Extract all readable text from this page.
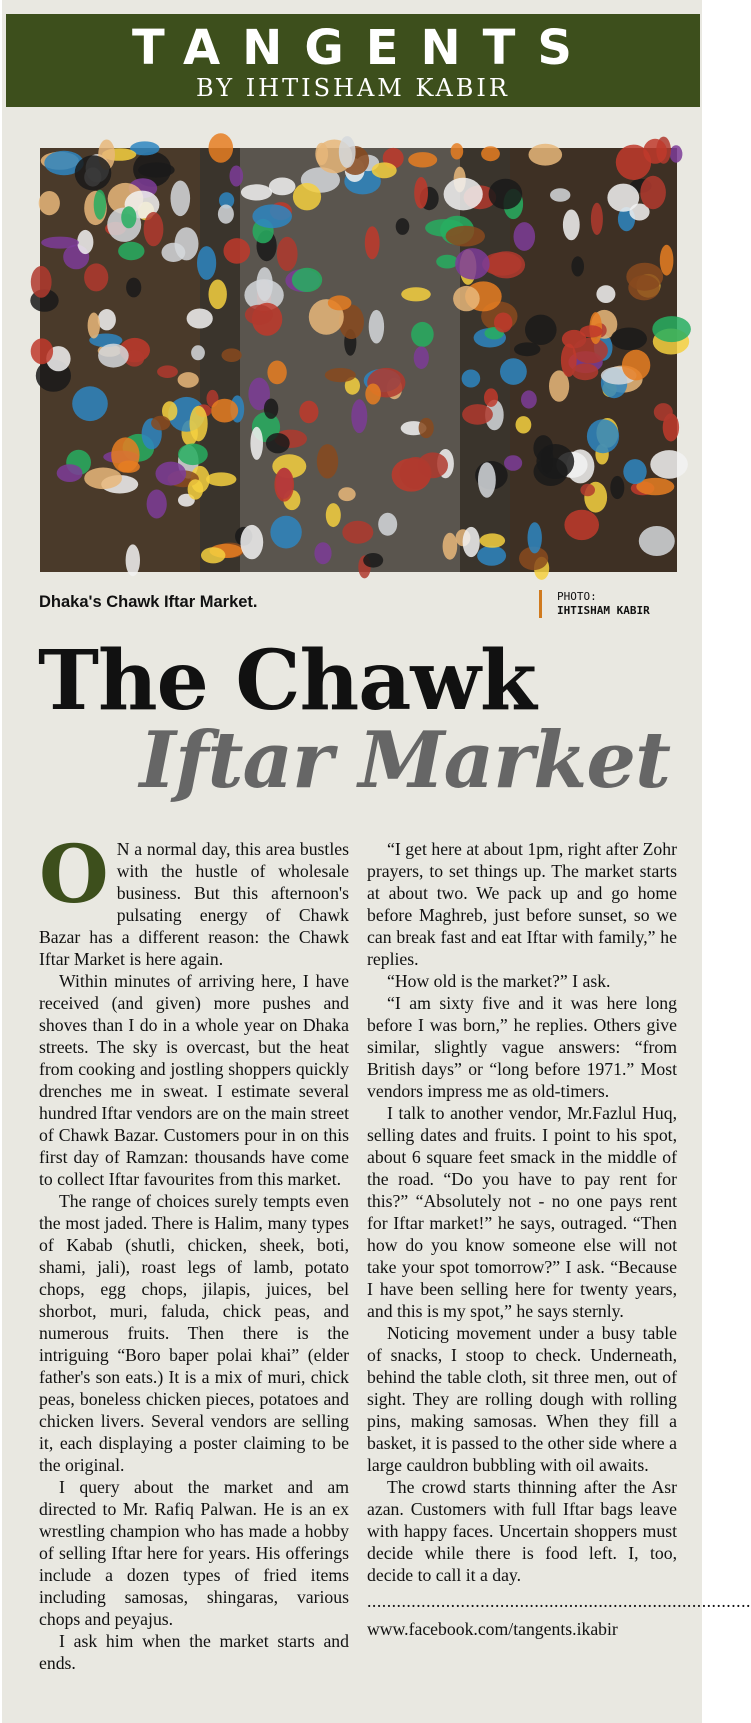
TANGENTS
BY IHTISHAM KABIR
Dhaka's Chawk Iftar Market.	PHOTO:
IHTISHAM KABIR
The Chawk
Iftar Market

O N a normal day, this area bustles with the hustle of wholesale business. But this afternoon's pulsating energy of Chawk Bazar has a different reason: the Chawk Iftar Market is here again.

Within minutes of arriving here, I have received (and given) more pushes and shoves than I do in a whole year on Dhaka streets. The sky is overcast, but the heat from cooking and jostling shoppers quickly drenches me in sweat. I estimate several hundred Iftar vendors are on the main street of Chawk Bazar. Customers pour in on this first day of Ramzan: thousands have come to collect Iftar favourites from this market.

The range of choices surely tempts even the most jaded. There is Halim, many types of Kabab (shutli, chicken, sheek, boti, shami, jali), roast legs of lamb, potato chops, egg chops, jilapis, juices, bel shorbot, muri, faluda, chick peas, and numerous fruits. Then there is the intriguing “Boro baper polai khai” (elder father's son eats.) It is a mix of muri, chick peas, boneless chicken pieces, potatoes and chicken livers. Several vendors are selling it, each displaying a poster claiming to be the original.

I query about the market and am directed to Mr. Rafiq Palwan. He is an ex wrestling champion who has made a hobby of selling Iftar here for years. His offerings include a dozen types of fried items including samosas, shingaras, various chops and peyajus.

I ask him when the market starts and ends.

“I get here at about 1pm, right after Zohr prayers, to set things up. The market starts at about two. We pack up and go home before Maghreb, just before sunset, so we can break fast and eat Iftar with family,” he replies.

“How old is the market?” I ask.

“I am sixty five and it was here long before I was born,” he replies. Others give similar, slightly vague answers: “from British days” or “long before 1971.” Most vendors impress me as old-timers.

I talk to another vendor, Mr.Fazlul Huq, selling dates and fruits. I point to his spot, about 6 square feet smack in the middle of the road. “Do you have to pay rent for this?” “Absolutely not - no one pays rent for Iftar market!” he says, outraged. “Then how do you know someone else will not take your spot tomorrow?” I ask. “Because I have been selling here for twenty years, and this is my spot,” he says sternly.

Noticing movement under a busy table of snacks, I stoop to check. Underneath, behind the table cloth, sit three men, out of sight. They are rolling dough with rolling pins, making samosas. When they fill a basket, it is passed to the other side where a large cauldron bubbling with oil awaits.

The crowd starts thinning after the Asr azan. Customers with full Iftar bags leave with happy faces. Uncertain shoppers must decide while there is food left. I, too, decide to call it a day.

..............................................................................
www.facebook.com/tangents.ikabir
